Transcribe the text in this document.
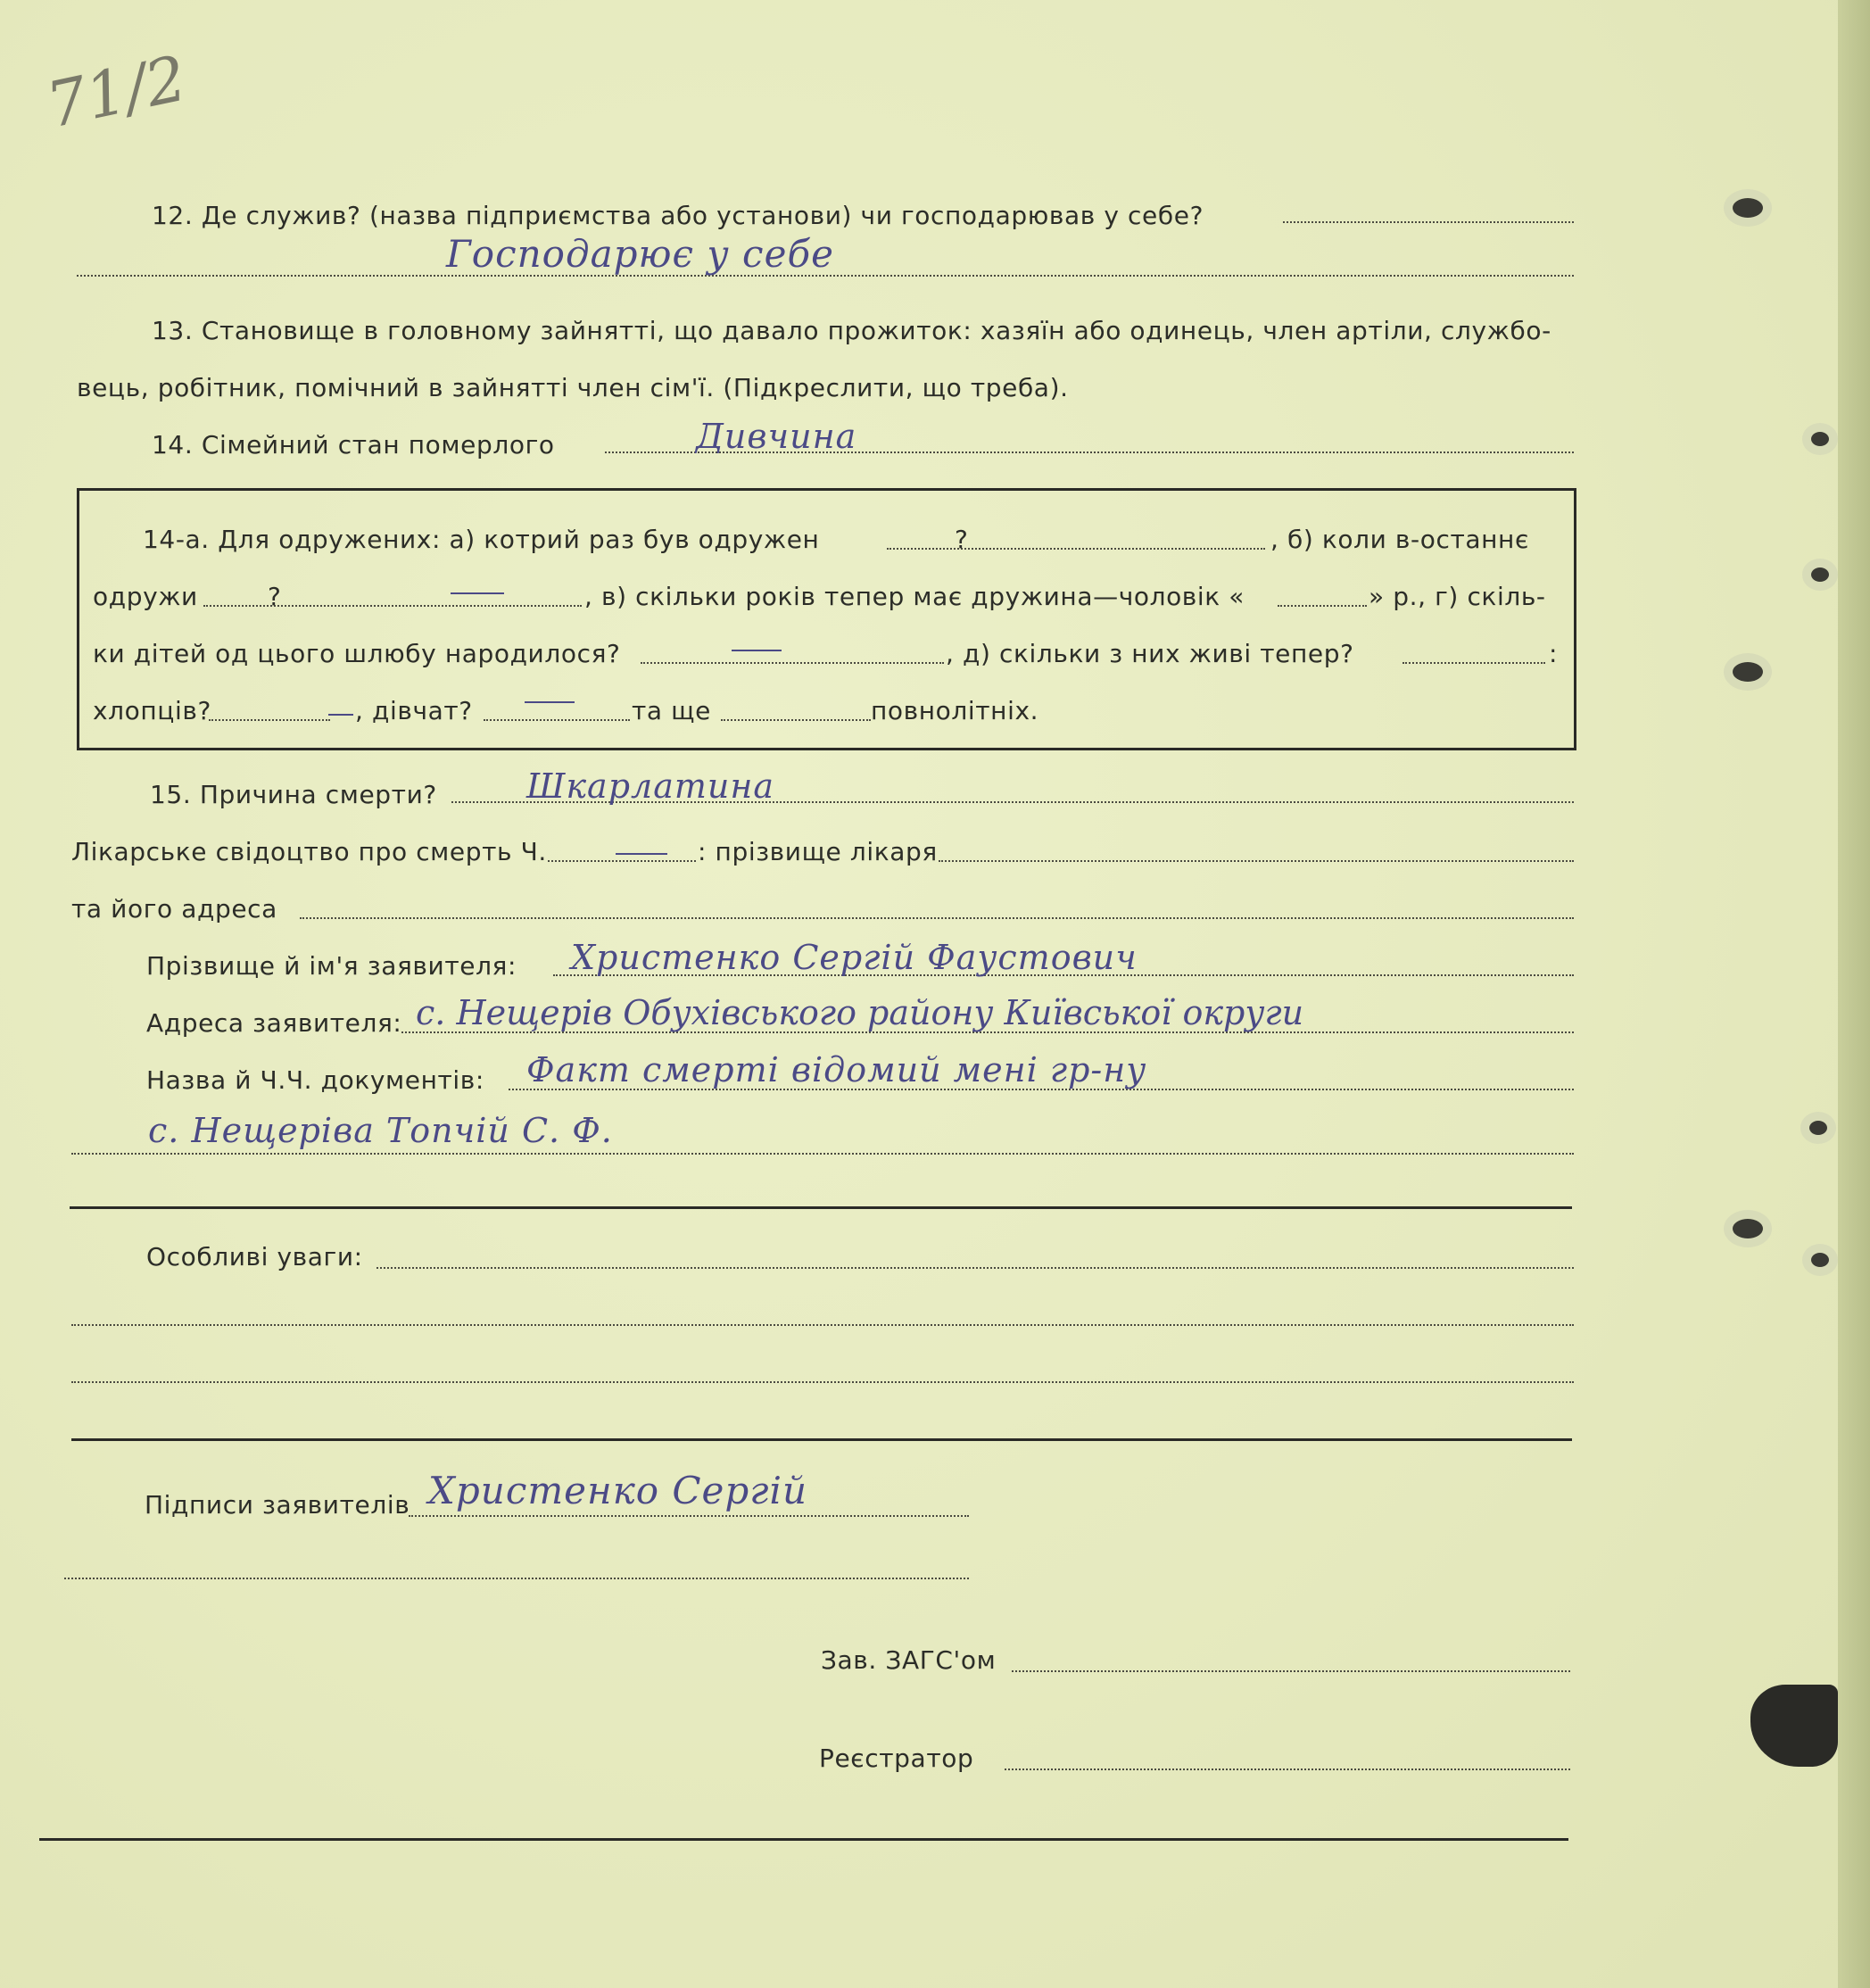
71/2
12. Де служив? (назва підприємства або установи) чи господарював у себе?
Господарює у себе
13. Становище в головному зайнятті, що давало прожиток: хазяїн або одинець, член артіли, службо-
вець, робітник, помічний в зайнятті член сім'ї. (Підкреслити, що треба).
14. Сімейний стан померлого	Дивчина
14-а. Для одружених: а) котрий раз був одружен	?	, б) коли в-останнє
одружи	?	, в) скільки років тепер має дружина—чоловік «	» р., г) скіль-
ки дітей од цього шлюбу народилося?	, д) скільки з них живі тепер?	:
хлопців?	, дівчат?	та ще	повнолітніх.
15. Причина смерти?	Шкарлатина
Лікарське свідоцтво про смерть Ч.	: прізвище лікаря
та його адреса
Прізвище й ім'я заявителя: Христенко Сергій Фаустович
Адреса заявителя: с. Нещерів Обухівського району Київської округи
Назва й Ч.Ч. документів: Факт смерті відомий мені гр-ну
с. Нещеріва Топчій С. Ф.
Особливі уваги:
Підписи заявителів Христенко Сергій
Зав. ЗАГС'ом
Реєстратор
